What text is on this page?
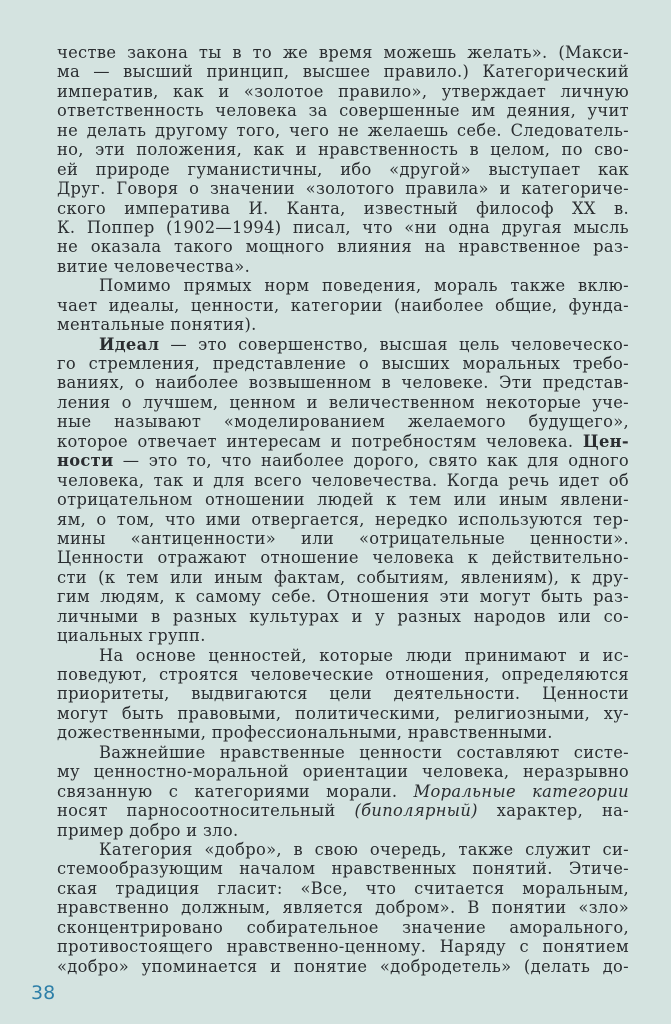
честве закона ты в то же время можешь желать». (Макси-
ма — высший принцип, высшее правило.) Категорический
императив, как и «золотое правило», утверждает личную
ответственность человека за совершенные им деяния, учит
не делать другому того, чего не желаешь себе. Следователь-
но, эти положения, как и нравственность в целом, по сво-
ей природе гуманистичны, ибо «другой» выступает как
Друг. Говоря о значении «золотого правила» и категориче-
ского императива И. Канта, известный философ XX в.
К. Поппер (1902—1994) писал, что «ни одна другая мысль
не оказала такого мощного влияния на нравственное раз-
витие человечества».
Помимо прямых норм поведения, мораль также вклю-
чает идеалы, ценности, категории (наиболее общие, фунда-
ментальные понятия).
Идеал — это совершенство, высшая цель человеческо-
го стремления, представление о высших моральных требо-
ваниях, о наиболее возвышенном в человеке. Эти представ-
ления о лучшем, ценном и величественном некоторые уче-
ные называют «моделированием желаемого будущего»,
которое отвечает интересам и потребностям человека. Цен-
ности — это то, что наиболее дорого, свято как для одного
человека, так и для всего человечества. Когда речь идет об
отрицательном отношении людей к тем или иным явлени-
ям, о том, что ими отвергается, нередко используются тер-
мины «антиценности» или «отрицательные ценности».
Ценности отражают отношение человека к действительно-
сти (к тем или иным фактам, событиям, явлениям), к дру-
гим людям, к самому себе. Отношения эти могут быть раз-
личными в разных культурах и у разных народов или со-
циальных групп.
На основе ценностей, которые люди принимают и ис-
поведуют, строятся человеческие отношения, определяются
приоритеты, выдвигаются цели деятельности. Ценности
могут быть правовыми, политическими, религиозными, ху-
дожественными, профессиональными, нравственными.
Важнейшие нравственные ценности составляют систе-
му ценностно-моральной ориентации человека, неразрывно
связанную с категориями морали. Моральные категории
носят парносоотносительный (биполярный) характер, на-
пример добро и зло.
Категория «добро», в свою очередь, также служит си-
стемообразующим началом нравственных понятий. Этиче-
ская традиция гласит: «Все, что считается моральным,
нравственно должным, является добром». В понятии «зло»
сконцентрировано собирательное значение аморального,
противостоящего нравственно-ценному. Наряду с понятием
«добро» упоминается и понятие «добродетель» (делать до-
38
